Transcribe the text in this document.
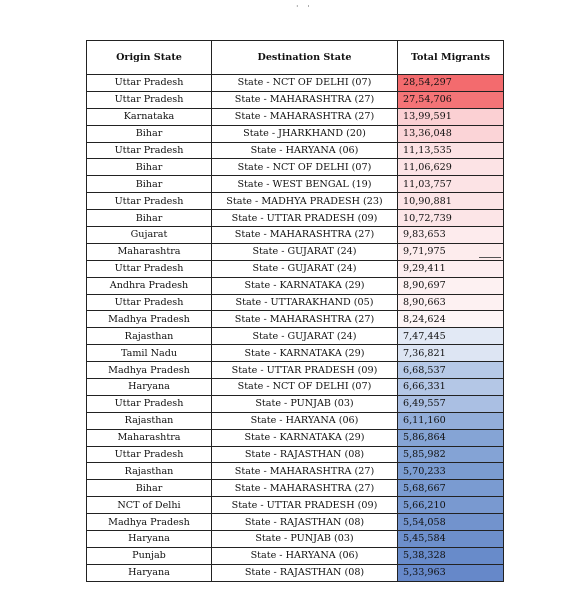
· ·
Origin State	Destination State	Total Migrants
Uttar Pradesh	State - NCT OF DELHI (07)	28,54,297
Uttar Pradesh	State - MAHARASHTRA (27)	27,54,706
Karnataka	State - MAHARASHTRA (27)	13,99,591
Bihar	State - JHARKHAND (20)	13,36,048
Uttar Pradesh	State - HARYANA (06)	11,13,535
Bihar	State - NCT OF DELHI (07)	11,06,629
Bihar	State - WEST BENGAL (19)	11,03,757
Uttar Pradesh	State - MADHYA PRADESH (23)	10,90,881
Bihar	State - UTTAR PRADESH (09)	10,72,739
Gujarat	State - MAHARASHTRA (27)	9,83,653
Maharashtra	State - GUJARAT (24)	9,71,975
Uttar Pradesh	State - GUJARAT (24)	9,29,411
Andhra Pradesh	State - KARNATAKA (29)	8,90,697
Uttar Pradesh	State - UTTARAKHAND (05)	8,90,663
Madhya Pradesh	State - MAHARASHTRA (27)	8,24,624
Rajasthan	State - GUJARAT (24)	7,47,445
Tamil Nadu	State - KARNATAKA (29)	7,36,821
Madhya Pradesh	State - UTTAR PRADESH (09)	6,68,537
Haryana	State - NCT OF DELHI (07)	6,66,331
Uttar Pradesh	State - PUNJAB (03)	6,49,557
Rajasthan	State - HARYANA (06)	6,11,160
Maharashtra	State - KARNATAKA (29)	5,86,864
Uttar Pradesh	State - RAJASTHAN (08)	5,85,982
Rajasthan	State - MAHARASHTRA (27)	5,70,233
Bihar	State - MAHARASHTRA (27)	5,68,667
NCT of Delhi	State - UTTAR PRADESH (09)	5,66,210
Madhya Pradesh	State - RAJASTHAN (08)	5,54,058
Haryana	State - PUNJAB (03)	5,45,584
Punjab	State - HARYANA (06)	5,38,328
Haryana	State - RAJASTHAN (08)	5,33,963
